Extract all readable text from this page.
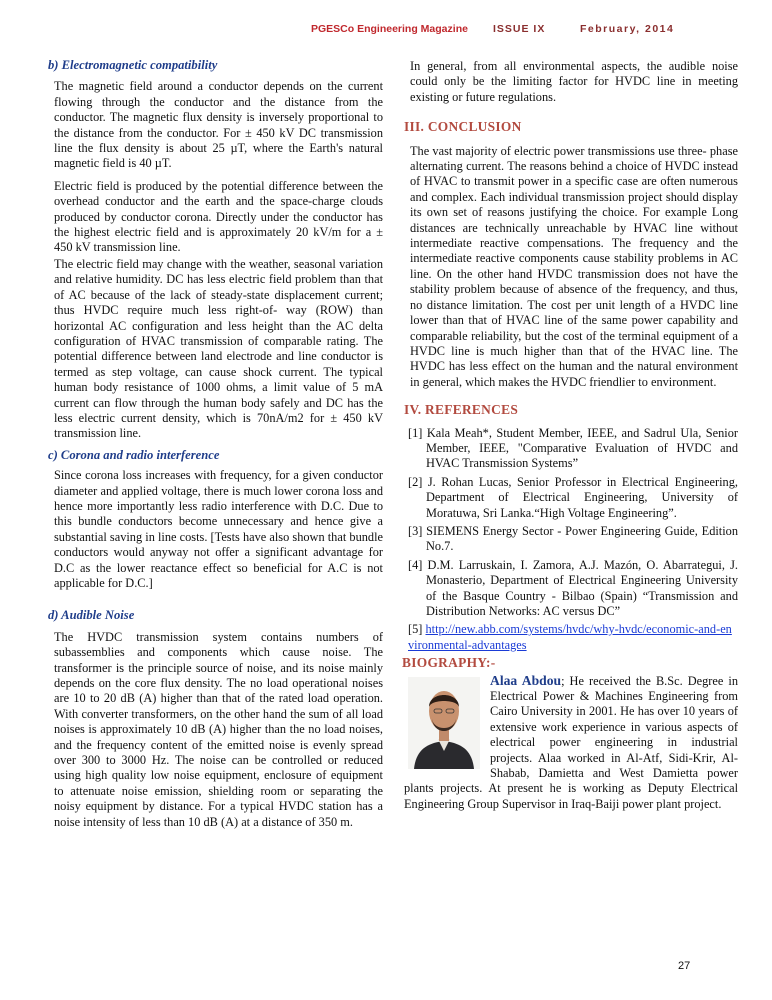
PGESCo Engineering Magazine ISSUE IX	February, 2014
b) Electromagnetic compatibility

The magnetic field around a conductor depends on the current flowing through the conductor and the distance from the conductor. The magnetic flux density is inversely proportional to the distance from the conductor. For ± 450 kV DC transmission line the flux density is about 25 µT, where the Earth's natural magnetic field is 40 µT.

Electric field is produced by the potential difference between the overhead conductor and the earth and the space-charge clouds produced by conductor corona. Directly under the conductor has the highest electric field and is approximately 20 kV/m for a ± 450 kV transmission line.

The electric field may change with the weather, seasonal variation and relative humidity. DC has less electric field problem than that of AC because of the lack of steady-state displacement current; thus HVDC require much less right-of- way (ROW) than horizontal AC configuration and less height than the AC delta configuration of HVAC transmission of comparable rating. The potential difference between land electrode and line conductor is termed as step voltage, can cause shock current. The typical human body resistance of 1000 ohms, a limit value of 5 mA current can flow through the human body safely and DC has the less electric current density, which is 70nA/m2 for ± 450 kV transmission line.

c) Corona and radio interference

Since corona loss increases with frequency, for a given conductor diameter and applied voltage, there is much lower corona loss and hence more importantly less radio interference with D.C. Due to this bundle conductors become unnecessary and hence give a substantial saving in line costs. [Tests have also shown that bundle conductors would anyway not offer a significant advantage for D.C as the lower reactance effect so beneficial for A.C is not applicable for D.C.]

d) Audible Noise

The HVDC transmission system contains numbers of subassemblies and components which cause noise. The transformer is the principle source of noise, and its noise mainly depends on the core flux density. The no load operational noises are 10 to 20 dB (A) higher than that of the rated load operation. With converter transformers, on the other hand the sum of all load noises is approximately 10 dB (A) higher than the no load noises, and the frequency content of the emitted noise is evenly spread over 300 to 3000 Hz. The noise can be controlled or reduced using high quality low noise equipment, enclosure of equipment to attenuate noise emission, shielding room or separating the noisy equipment by distance. For a typical HVDC station has a noise intensity of less than 10 dB (A) at a distance of 350 m.

In general, from all environmental aspects, the audible noise could only be the limiting factor for HVDC line in meeting existing or future regulations.

III. CONCLUSION

The vast majority of electric power transmissions use three- phase alternating current. The reasons behind a choice of HVDC instead of HVAC to transmit power in a specific case are often numerous and complex. Each individual transmission project should display its own set of reasons justifying the choice. For example Long distances are technically unreachable by HVAC line without intermediate reactive compensations. The frequency and the intermediate reactive components cause stability problems in AC line. On the other hand HVDC transmission does not have the stability problem because of absence of the frequency, and thus, no distance limitation. The cost per unit length of a HVDC line lower than that of HVAC line of the same power capability and comparable reliability, but the cost of the terminal equipment of a HVDC line is much higher than that of the HVAC line. The HVDC has less effect on the human and the natural environment in general, which makes the HVDC friendlier to environment.

IV. REFERENCES
[1] Kala Meah*, Student Member, IEEE, and Sadrul Ula, Senior Member, IEEE, "Comparative Evaluation of HVDC and HVAC Transmission Systems”
[2] J. Rohan Lucas, Senior Professor in Electrical Engineering, Department of Electrical Engineering, University of Moratuwa, Sri Lanka.“High Voltage Engineering”.
[3] SIEMENS Energy Sector - Power Engineering Guide, Edition No.7.
[4] D.M. Larruskain, I. Zamora, A.J. Mazón, O. Abarrategui, J. Monasterio, Department of Electrical Engineering University of the Basque Country - Bilbao (Spain) “Transmission and Distribution Networks: AC versus DC”

[5] http://new.abb.com/systems/hvdc/why-hvdc/economic-and-environmental-advantages

BIOGRAPHY:-

Alaa Abdou; He received the B.Sc. Degree in Electrical Power & Machines Engineering from Cairo University in 2001. He has over 10 years of extensive work experience in various aspects of electrical power engineering in industrial projects. Alaa worked in Al-Atf, Sidi-Krir, Al-Shabab, Damietta and West Damietta power plants projects. At present he is working as Deputy Electrical Engineering Group Supervisor in Iraq-Baiji power plant project.

27
